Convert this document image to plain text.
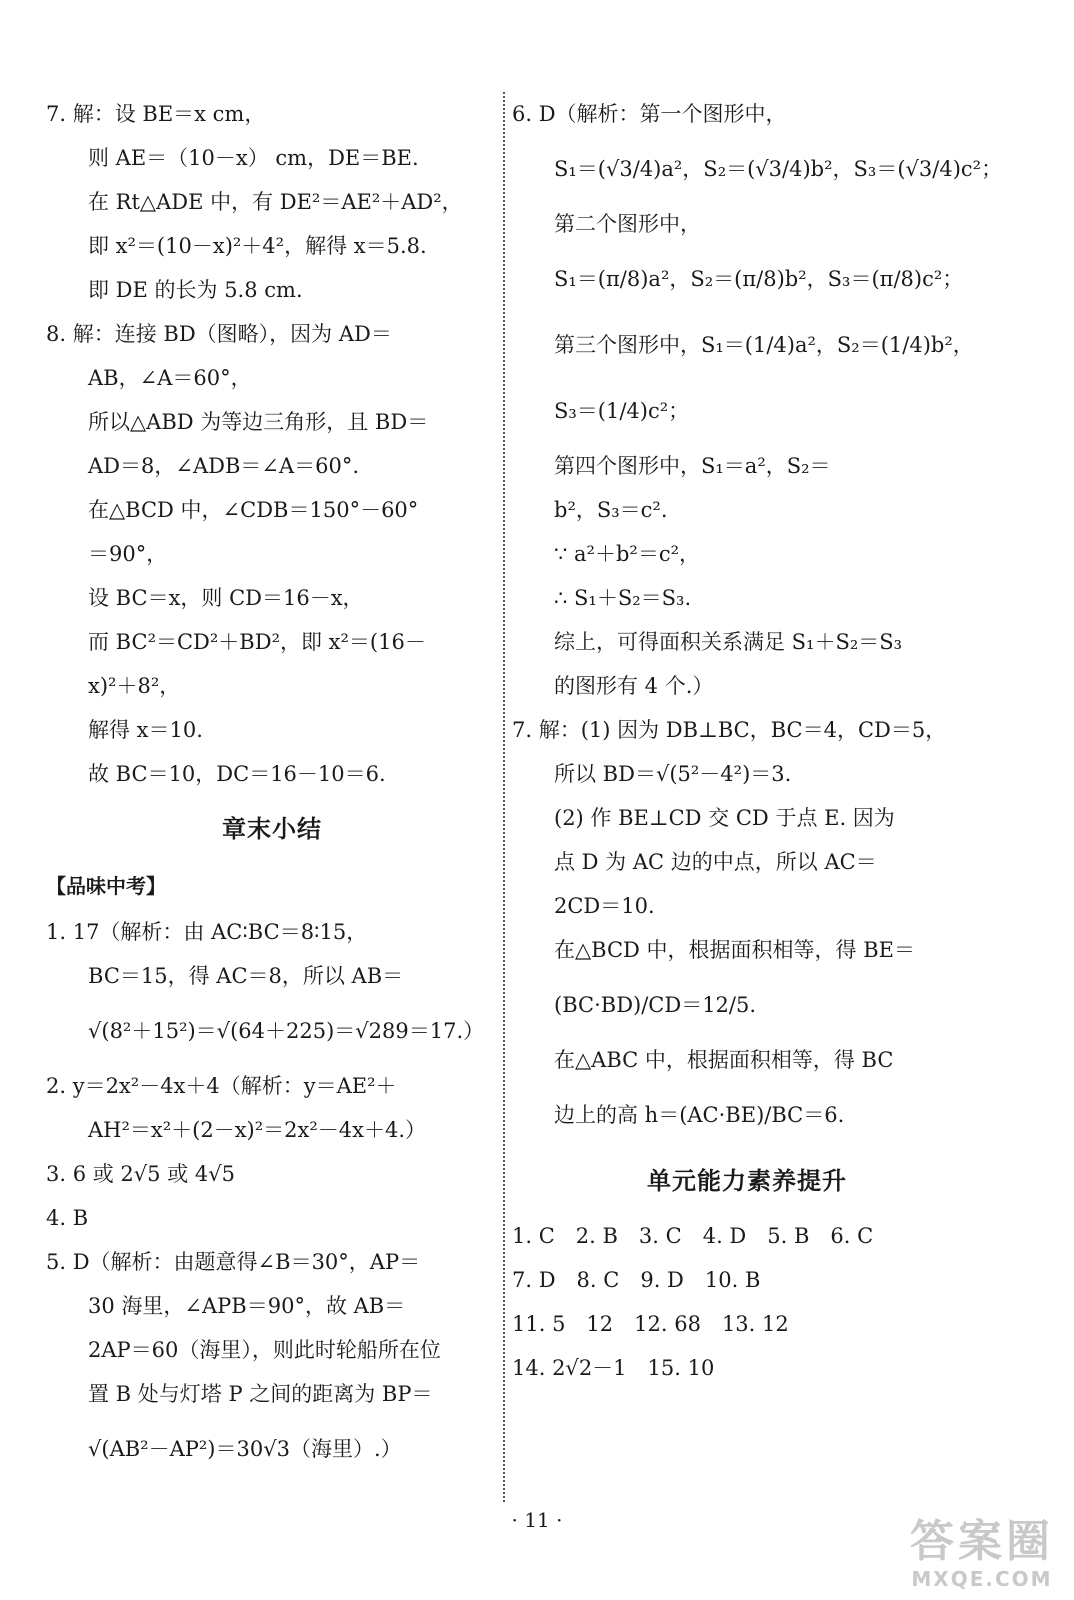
7. 解：设 BE＝x cm，
则 AE＝（10－x） cm，DE＝BE.
在 Rt△ADE 中，有 DE²＝AE²＋AD²，
即 x²＝(10－x)²＋4²，解得 x＝5.8.
即 DE 的长为 5.8 cm.
8. 解：连接 BD（图略），因为 AD＝
AB，∠A＝60°，
所以△ABD 为等边三角形，且 BD＝
AD＝8，∠ADB＝∠A＝60°.
在△BCD 中，∠CDB＝150°－60°
＝90°，
设 BC＝x，则 CD＝16－x，
而 BC²＝CD²＋BD²，即 x²＝(16－
x)²＋8²，
解得 x＝10.
故 BC＝10，DC＝16－10＝6.
章末小结
【品味中考】
1. 17（解析：由 AC∶BC＝8∶15，
BC＝15，得 AC＝8，所以 AB＝
√(8²＋15²)＝√(64＋225)＝√289＝17.）
2. y＝2x²－4x＋4（解析：y＝AE²＋
AH²＝x²＋(2－x)²＝2x²－4x＋4.）
3. 6 或 2√5 或 4√5
4. B
5. D（解析：由题意得∠B＝30°，AP＝
30 海里，∠APB＝90°，故 AB＝
2AP＝60（海里），则此时轮船所在位
置 B 处与灯塔 P 之间的距离为 BP＝
√(AB²－AP²)＝30√3（海里）.）
6. D（解析：第一个图形中，
S₁＝(√3/4)a²，S₂＝(√3/4)b²，S₃＝(√3/4)c²；
第二个图形中，
S₁＝(π/8)a²，S₂＝(π/8)b²，S₃＝(π/8)c²；
第三个图形中，S₁＝(1/4)a²，S₂＝(1/4)b²，
S₃＝(1/4)c²；
第四个图形中，S₁＝a²，S₂＝
b²，S₃＝c².
∵ a²＋b²＝c²，
∴ S₁＋S₂＝S₃.
综上，可得面积关系满足 S₁＋S₂＝S₃
的图形有 4 个.）
7. 解：(1) 因为 DB⊥BC，BC＝4，CD＝5，
所以 BD＝√(5²－4²)＝3.
(2) 作 BE⊥CD 交 CD 于点 E. 因为
点 D 为 AC 边的中点，所以 AC＝
2CD＝10.
在△BCD 中，根据面积相等，得 BE＝
(BC·BD)/CD＝12/5.
在△ABC 中，根据面积相等，得 BC
边上的高 h＝(AC·BE)/BC＝6.
单元能力素养提升
1. C　2. B　3. C　4. D　5. B　6. C
7. D　8. C　9. D　10. B
11. 5　12　12. 68　13. 12
14. 2√2－1　15. 10
· 11 ·	答案圈
MXQE.COM
